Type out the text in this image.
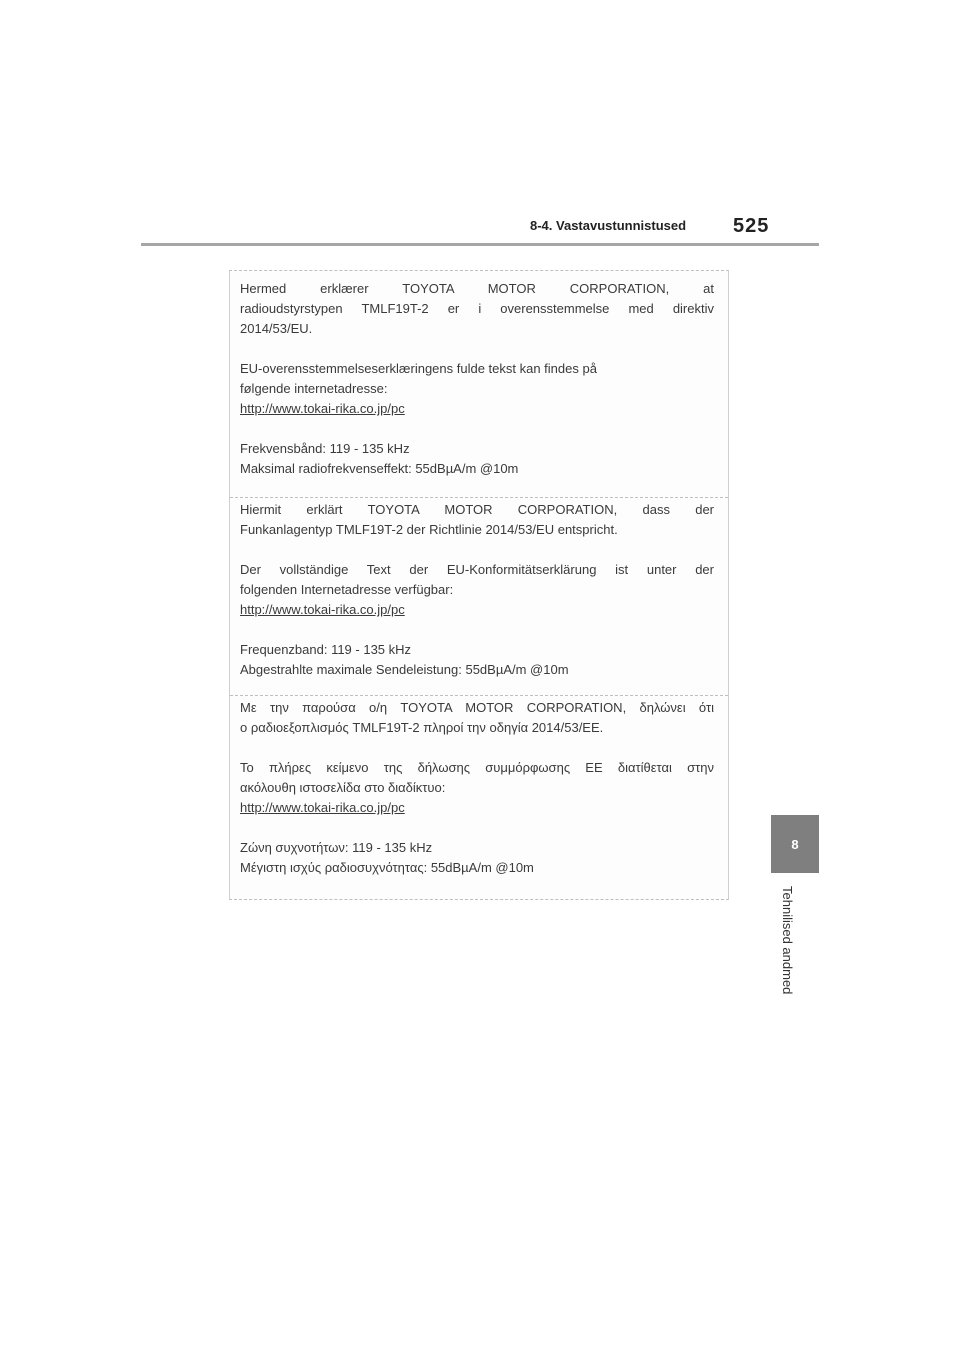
8-4. Vastavustunnistused 525
8
Tehnilised andmed

Hermed erklærer TOYOTA MOTOR CORPORATION, at
radioudstyrstypen TMLF19T-2 er i overensstemmelse med direktiv
2014/53/EU.

EU-overensstemmelseserklæringens fulde tekst kan findes på
følgende internetadresse:
http://www.tokai-rika.co.jp/pc

Frekvensbånd: 119 - 135 kHz
Maksimal radiofrekvenseffekt: 55dBµA/m @10m

Hiermit erklärt TOYOTA MOTOR CORPORATION, dass der
Funkanlagentyp TMLF19T-2 der Richtlinie 2014/53/EU entspricht.

Der vollständige Text der EU-Konformitätserklärung ist unter der
folgenden Internetadresse verfügbar:
http://www.tokai-rika.co.jp/pc

Frequenzband: 119 - 135 kHz
Abgestrahlte maximale Sendeleistung: 55dBµA/m @10m

Με την παρούσα ο/η TOYOTA MOTOR CORPORATION, δηλώνει ότι
ο ραδιοεξοπλισμός TMLF19T-2 πληροί την οδηγία 2014/53/ΕΕ.

Το πλήρες κείμενο της δήλωσης συμμόρφωσης ΕΕ διατίθεται στην
ακόλουθη ιστοσελίδα στο διαδίκτυο:
http://www.tokai-rika.co.jp/pc

Ζώνη συχνοτήτων: 119 - 135 kHz
Μέγιστη ισχύς ραδιοσυχνότητας: 55dBµA/m @10m
